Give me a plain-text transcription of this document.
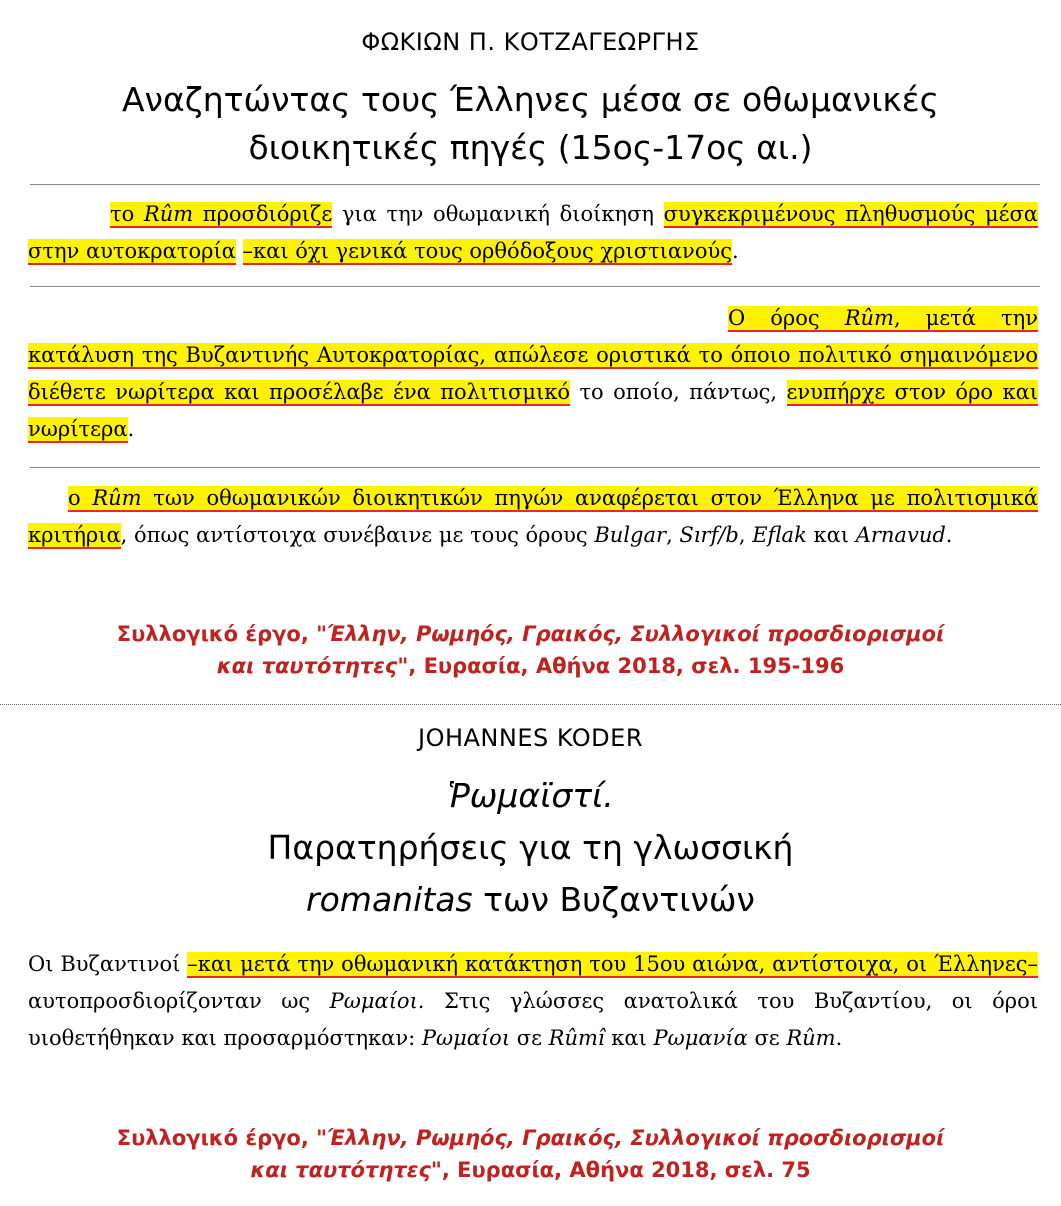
ΦΩΚΙΩΝ Π. ΚΟΤΖΑΓΕΩΡΓΗΣ
Αναζητώντας τους Έλληνες μέσα σε οθωμανικές
διοικητικές πηγές (15ος-17ος αι.)
το Rûm προσδιόριζε για την οθωμανική διοίκηση συγκεκριμένους πληθυσμούς μέσα στην αυτοκρατορία –και όχι γενικά τους ορθόδοξους χριστιανούς.
Ο όρος Rûm, μετά την κατάλυση της Βυζαντινής Αυτοκρατορίας, απώλεσε οριστικά το όποιο πολιτικό σημαινόμενο διέθετε νωρίτερα και προσέλαβε ένα πολιτισμικό το οποίο, πάντως, ενυπήρχε στον όρο και νωρίτερα.
ο Rûm των οθωμανικών διοικητικών πηγών αναφέρεται στον Έλληνα με πολιτισμικά κριτήρια, όπως αντίστοιχα συνέβαινε με τους όρους Bulgar, Sırf/b, Eflak και Arnavud.
Συλλογικό έργο, "Έλλην, Ρωμηός, Γραικός, Συλλογικοί προσδιορισμοί και ταυτότητες", Ευρασία, Αθήνα 2018, σελ. 195-196
JOHANNES KODER
Ῥωμαϊστί.
Παρατηρήσεις για τη γλωσσική
romanitas των Βυζαντινών
Οι Βυζαντινοί –και μετά την οθωμανική κατάκτηση του 15ου αιώνα, αντίστοιχα, οι Έλληνες– αυτοπροσδιορίζονταν ως Ρωμαίοι. Στις γλώσσες ανατολικά του Βυζαντίου, οι όροι υιοθετήθηκαν και προσαρμόστηκαν: Ρωμαίοι σε Rûmî και Ρωμανία σε Rûm.
Συλλογικό έργο, "Έλλην, Ρωμηός, Γραικός, Συλλογικοί προσδιορισμοί και ταυτότητες", Ευρασία, Αθήνα 2018, σελ. 75
